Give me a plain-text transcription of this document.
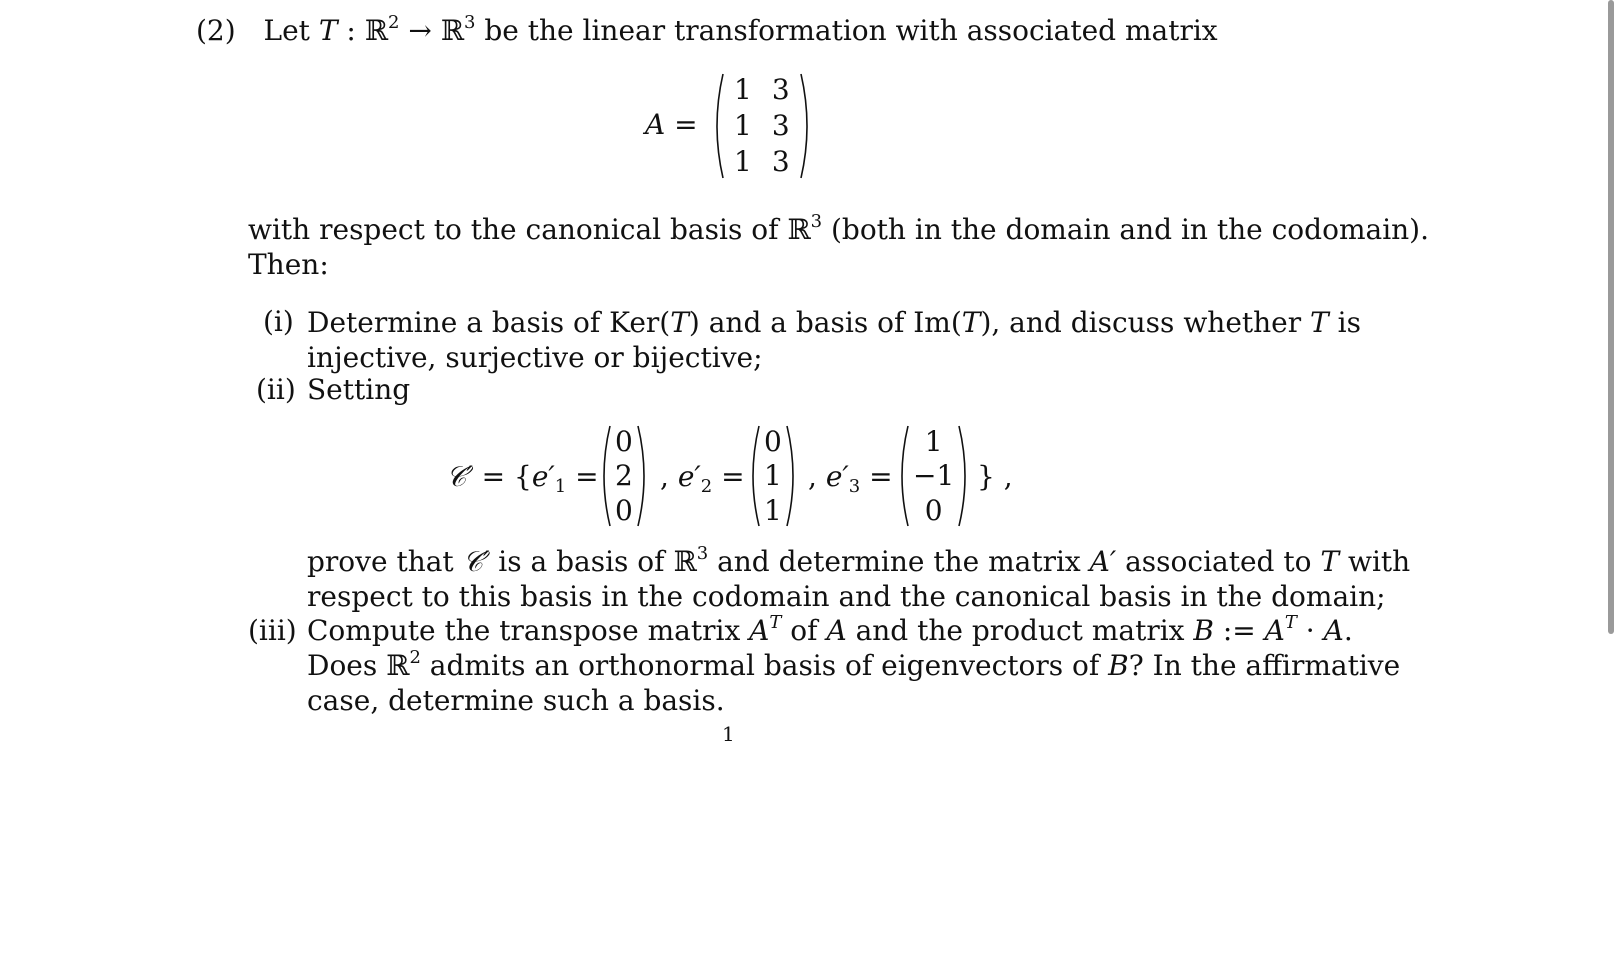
(2) Let T : ℝ$^2$ → ℝ$^3$ be the linear transformation with associated matrix
A =
1	3
1	3
1	3
with respect to the canonical basis of ℝ$^3$ (both in the domain and in the codomain).
Then:
(i) Determine a basis of Ker(T) and a basis of Im(T), and discuss whether T is
injective, surjective or bijective;
(ii) Setting
𝒞′ = {$e'_1$ =
0
2
0
, $e'_2$ =
0
1
1
, $e'_3$ =
1
−1
0
} ,
prove that 𝒞′ is a basis of ℝ$^3$ and determine the matrix A′ associated to T with
respect to this basis in the codomain and the canonical basis in the domain;
(iii) Compute the transpose matrix $A^T$ of A and the product matrix B := $A^T \cdot A$.
Does ℝ$^2$ admits an orthonormal basis of eigenvectors of B? In the affirmative
case, determine such a basis.
1
